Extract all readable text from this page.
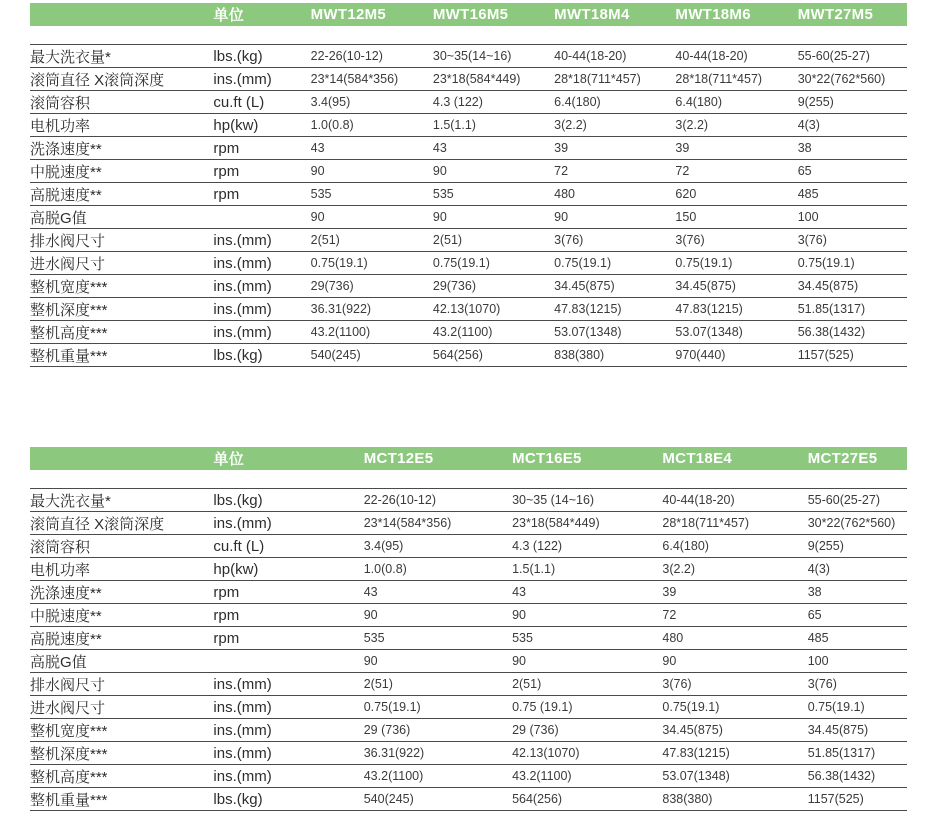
	单位	MWT12M5	MWT16M5	MWT18M4	MWT18M6	MWT27M5

最大洗衣量*	lbs.(kg)	22-26(10-12)	30~35(14~16)	40-44(18-20)	40-44(18-20)	55-60(25-27)
滚筒直径 X滚筒深度	ins.(mm)	23*14(584*356)	23*18(584*449)	28*18(711*457)	28*18(711*457)	30*22(762*560)
滚筒容积	cu.ft (L)	3.4(95)	4.3 (122)	6.4(180)	6.4(180)	9(255)
电机功率	hp(kw)	1.0(0.8)	1.5(1.1)	3(2.2)	3(2.2)	4(3)
洗涤速度**	rpm	43	43	39	39	38
中脱速度**	rpm	90	90	72	72	65
高脱速度**	rpm	535	535	480	620	485
高脱G值		90	90	90	150	100
排水阀尺寸	ins.(mm)	2(51)	2(51)	3(76)	3(76)	3(76)
进水阀尺寸	ins.(mm)	0.75(19.1)	0.75(19.1)	0.75(19.1)	0.75(19.1)	0.75(19.1)
整机宽度***	ins.(mm)	29(736)	29(736)	34.45(875)	34.45(875)	34.45(875)
整机深度***	ins.(mm)	36.31(922)	42.13(1070)	47.83(1215)	47.83(1215)	51.85(1317)
整机高度***	ins.(mm)	43.2(1100)	43.2(1100)	53.07(1348)	53.07(1348)	56.38(1432)
整机重量***	lbs.(kg)	540(245)	564(256)	838(380)	970(440)	1157(525)
	单位	MCT12E5	MCT16E5	MCT18E4	MCT27E5

最大洗衣量*	lbs.(kg)	22-26(10-12)	30~35 (14~16)	40-44(18-20)	55-60(25-27)
滚筒直径 X滚筒深度	ins.(mm)	23*14(584*356)	23*18(584*449)	28*18(711*457)	30*22(762*560)
滚筒容积	cu.ft (L)	3.4(95)	4.3 (122)	6.4(180)	9(255)
电机功率	hp(kw)	1.0(0.8)	1.5(1.1)	3(2.2)	4(3)
洗涤速度**	rpm	43	43	39	38
中脱速度**	rpm	90	90	72	65
高脱速度**	rpm	535	535	480	485
高脱G值		90	90	90	100
排水阀尺寸	ins.(mm)	2(51)	2(51)	3(76)	3(76)
进水阀尺寸	ins.(mm)	0.75(19.1)	0.75 (19.1)	0.75(19.1)	0.75(19.1)
整机宽度***	ins.(mm)	29 (736)	29 (736)	34.45(875)	34.45(875)
整机深度***	ins.(mm)	36.31(922)	42.13(1070)	47.83(1215)	51.85(1317)
整机高度***	ins.(mm)	43.2(1100)	43.2(1100)	53.07(1348)	56.38(1432)
整机重量***	lbs.(kg)	540(245)	564(256)	838(380)	1157(525)
